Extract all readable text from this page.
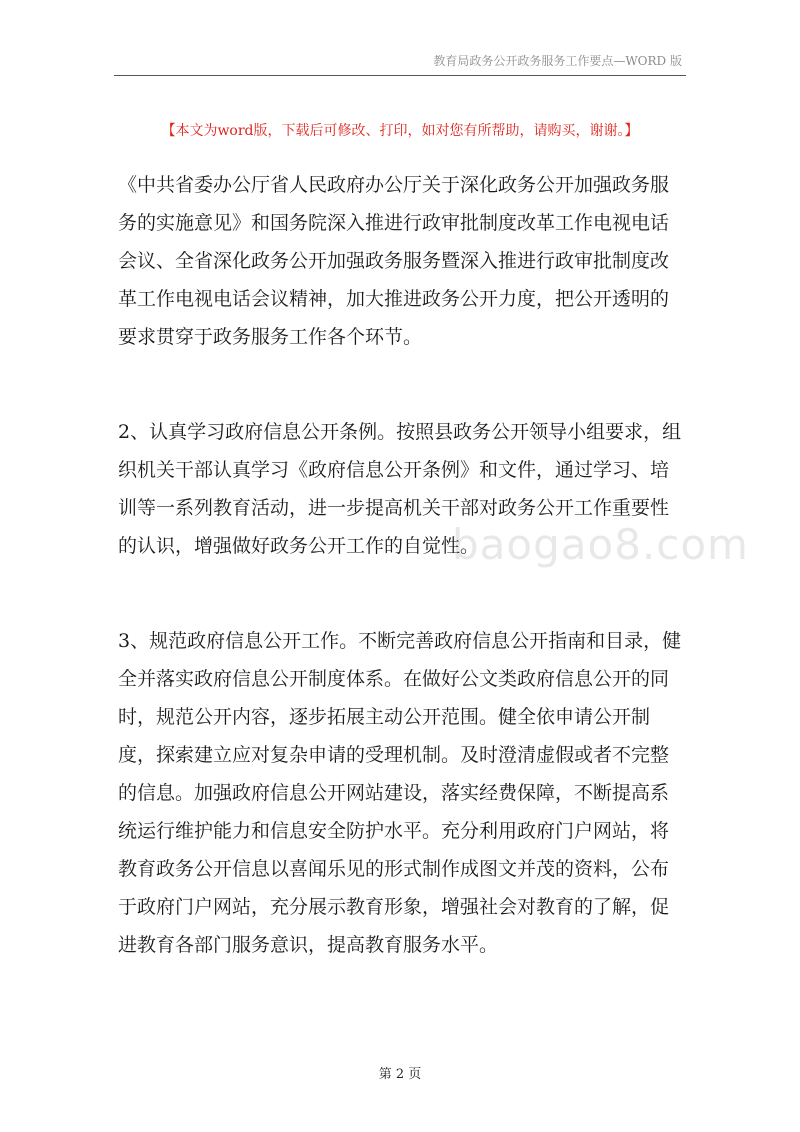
教育局政务公开政务服务工作要点—WORD 版
【本文为word版，下载后可修改、打印，如对您有所帮助，请购买，谢谢。】

《中共省委办公厅省人民政府办公厅关于深化政务公开加强政务服务的实施意见》和国务院深入推进行政审批制度改革工作电视电话会议、全省深化政务公开加强政务服务暨深入推进行政审批制度改革工作电视电话会议精神，加大推进政务公开力度，把公开透明的要求贯穿于政务服务工作各个环节。

2、认真学习政府信息公开条例。按照县政务公开领导小组要求，组织机关干部认真学习《政府信息公开条例》和文件，通过学习、培训等一系列教育活动，进一步提高机关干部对政务公开工作重要性的认识，增强做好政务公开工作的自觉性。

3、规范政府信息公开工作。不断完善政府信息公开指南和目录，健全并落实政府信息公开制度体系。在做好公文类政府信息公开的同时，规范公开内容，逐步拓展主动公开范围。健全依申请公开制度，探索建立应对复杂申请的受理机制。及时澄清虚假或者不完整的信息。加强政府信息公开网站建设，落实经费保障，不断提高系统运行维护能力和信息安全防护水平。充分利用政府门户网站，将教育政务公开信息以喜闻乐见的形式制作成图文并茂的资料，公布于政府门户网站，充分展示教育形象，增强社会对教育的了解，促进教育各部门服务意识，提高教育服务水平。

baogao8.com
第 2 页
